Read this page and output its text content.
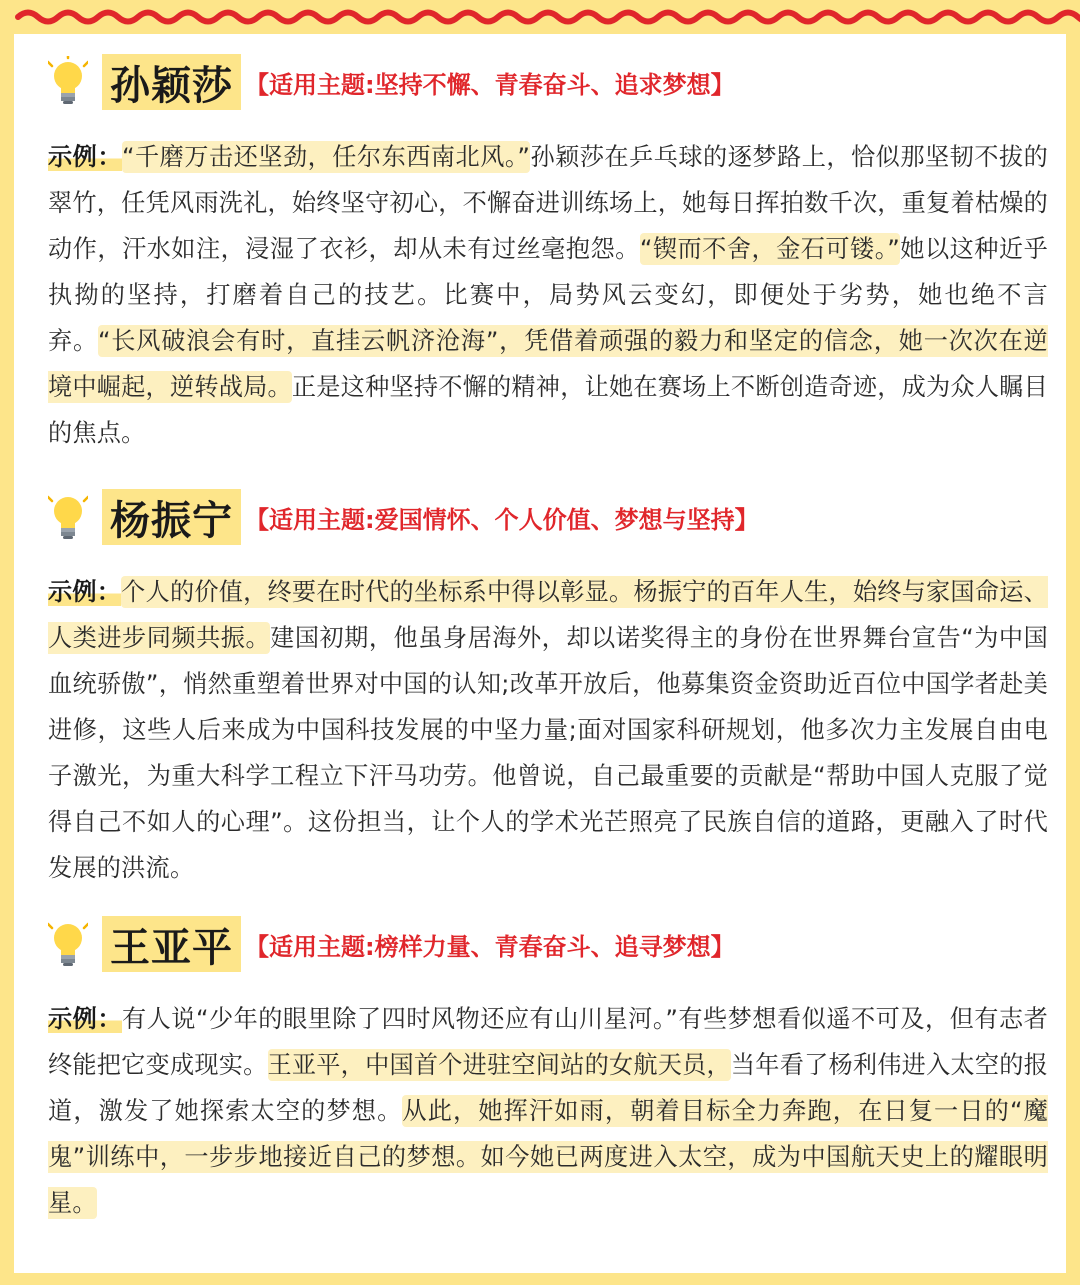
孙颖莎 【适用主题:坚持不懈、青春奋斗、追求梦想】
示例：“千磨万击还坚劲，任尔东西南北风。”孙颖莎在乒乓球的逐梦路上，恰似那坚韧不拔的翠竹，任凭风雨洗礼，始终坚守初心，不懈奋进训练场上，她每日挥拍数千次，重复着枯燥的动作，汗水如注，浸湿了衣衫，却从未有过丝毫抱怨。“锲而不舍，金石可镂。”她以这种近乎执拗的坚持，打磨着自己的技艺。比赛中，局势风云变幻，即便处于劣势，她也绝不言弃。“长风破浪会有时，直挂云帆济沧海”，凭借着顽强的毅力和坚定的信念，她一次次在逆境中崛起，逆转战局。正是这种坚持不懈的精神，让她在赛场上不断创造奇迹，成为众人瞩目的焦点。
杨振宁 【适用主题:爱国情怀、个人价值、梦想与坚持】
示例：个人的价值，终要在时代的坐标系中得以彰显。杨振宁的百年人生，始终与家国命运、人类进步同频共振。建国初期，他虽身居海外，却以诺奖得主的身份在世界舞台宣告“为中国血统骄傲”，悄然重塑着世界对中国的认知;改革开放后，他募集资金资助近百位中国学者赴美进修，这些人后来成为中国科技发展的中坚力量;面对国家科研规划，他多次力主发展自由电子激光，为重大科学工程立下汗马功劳。他曾说，自己最重要的贡献是“帮助中国人克服了觉得自己不如人的心理”。这份担当，让个人的学术光芒照亮了民族自信的道路，更融入了时代发展的洪流。
王亚平 【适用主题:榜样力量、青春奋斗、追寻梦想】
示例：有人说“少年的眼里除了四时风物还应有山川星河。”有些梦想看似遥不可及，但有志者终能把它变成现实。王亚平，中国首个进驻空间站的女航天员，当年看了杨利伟进入太空的报道，激发了她探索太空的梦想。从此，她挥汗如雨，朝着目标全力奔跑，在日复一日的“魔鬼”训练中，一步步地接近自己的梦想。如今她已两度进入太空，成为中国航天史上的耀眼明星。
